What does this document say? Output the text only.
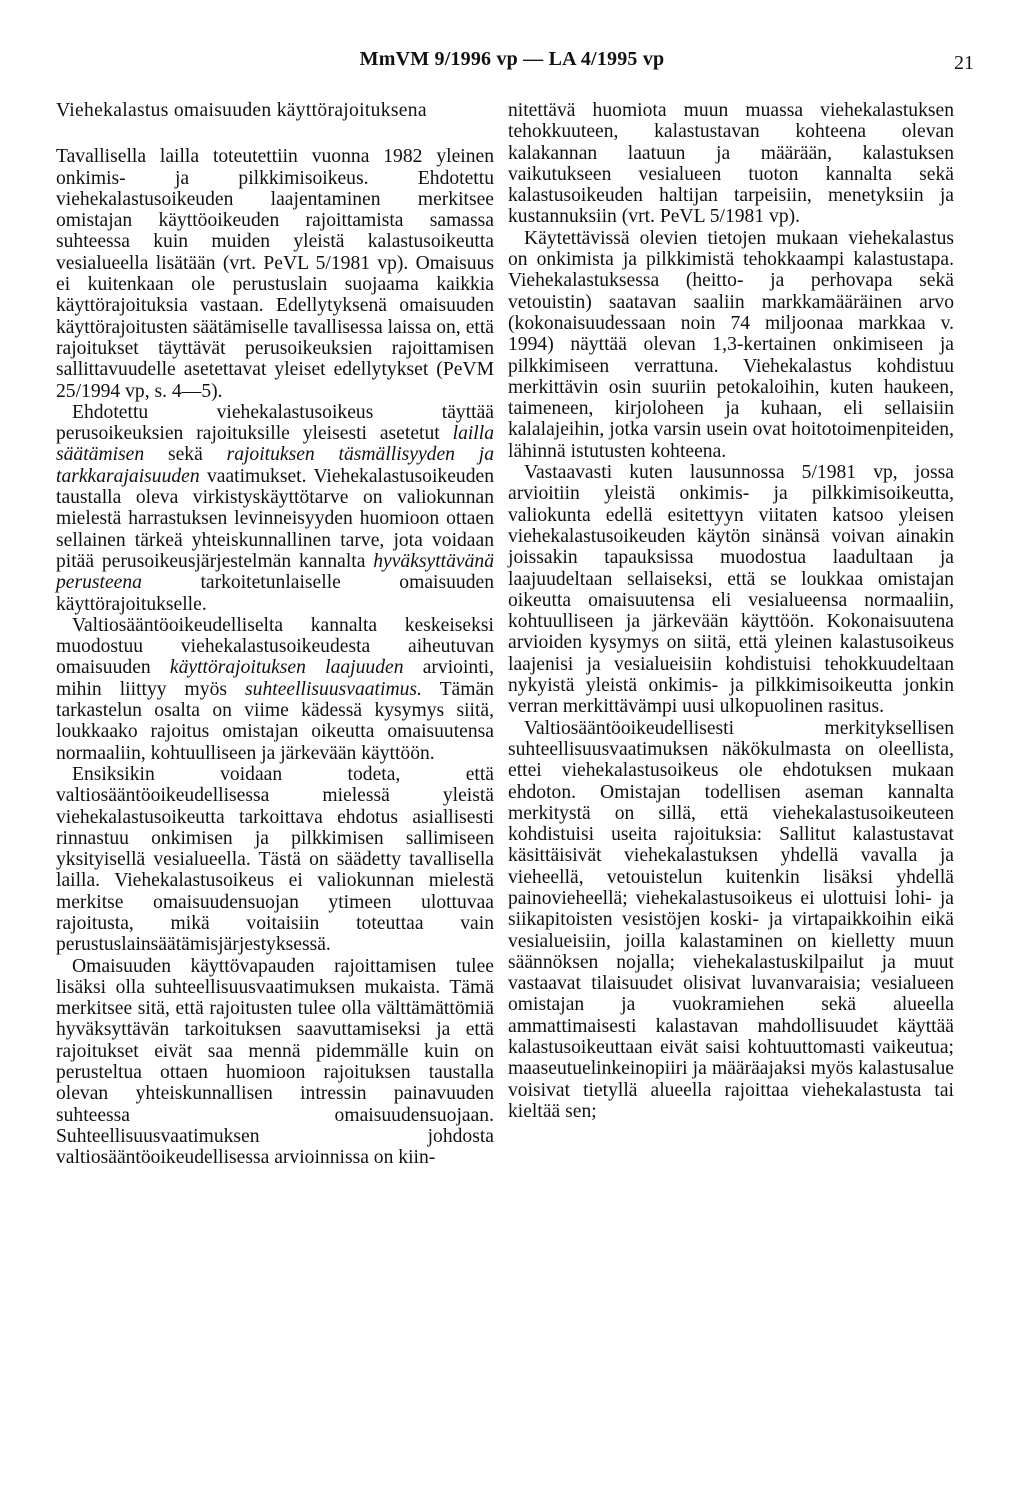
MmVM 9/1996 vp — LA 4/1995 vp	21
Viehekalastus omaisuuden käyttörajoituksena

Tavallisella lailla toteutettiin vuonna 1982 yleinen onkimis- ja pilkkimisoikeus. Ehdotettu viehekalastusoikeuden laajentaminen merkitsee omistajan käyttöoikeuden rajoittamista samassa suhteessa kuin muiden yleistä kalastusoikeutta vesialueella lisätään (vrt. PeVL 5/1981 vp). Omaisuus ei kuitenkaan ole perustuslain suojaama kaikkia käyttörajoituksia vastaan. Edellytyksenä omaisuuden käyttörajoitusten säätämiselle tavallisessa laissa on, että rajoitukset täyttävät perusoikeuksien rajoittamisen sallittavuudelle asetettavat yleiset edellytykset (PeVM 25/1994 vp, s. 4—5).

Ehdotettu viehekalastusoikeus täyttää perusoikeuksien rajoituksille yleisesti asetetut lailla säätämisen sekä rajoituksen täsmällisyyden ja tarkkarajaisuuden vaatimukset. Viehekalastusoikeuden taustalla oleva virkistyskäyttötarve on valiokunnan mielestä harrastuksen levinneisyyden huomioon ottaen sellainen tärkeä yhteiskunnallinen tarve, jota voidaan pitää perusoikeusjärjestelmän kannalta hyväksyttävänä perusteena tarkoitetunlaiselle omaisuuden käyttörajoitukselle.

Valtiosääntöoikeudelliselta kannalta keskeiseksi muodostuu viehekalastusoikeudesta aiheutuvan omaisuuden käyttörajoituksen laajuuden arviointi, mihin liittyy myös suhteellisuusvaatimus. Tämän tarkastelun osalta on viime kädessä kysymys siitä, loukkaako rajoitus omistajan oikeutta omaisuutensa normaaliin, kohtuulliseen ja järkevään käyttöön.

Ensiksikin voidaan todeta, että valtiosääntöoikeudellisessa mielessä yleistä viehekalastusoikeutta tarkoittava ehdotus asiallisesti rinnastuu onkimisen ja pilkkimisen sallimiseen yksityisellä vesialueella. Tästä on säädetty tavallisella lailla. Viehekalastusoikeus ei valiokunnan mielestä merkitse omaisuudensuojan ytimeen ulottuvaa rajoitusta, mikä voitaisiin toteuttaa vain perustuslainsäätämisjärjestyksessä.

Omaisuuden käyttövapauden rajoittamisen tulee lisäksi olla suhteellisuusvaatimuksen mukaista. Tämä merkitsee sitä, että rajoitusten tulee olla välttämättömiä hyväksyttävän tarkoituksen saavuttamiseksi ja että rajoitukset eivät saa mennä pidemmälle kuin on perusteltua ottaen huomioon rajoituksen taustalla olevan yhteiskunnallisen intressin painavuuden suhteessa omaisuudensuojaan. Suhteellisuusvaatimuksen johdosta valtiosääntöoikeudellisessa arvioinnissa on kiin-

nitettävä huomiota muun muassa viehekalastuksen tehokkuuteen, kalastustavan kohteena olevan kalakannan laatuun ja määrään, kalastuksen vaikutukseen vesialueen tuoton kannalta sekä kalastusoikeuden haltijan tarpeisiin, menetyksiin ja kustannuksiin (vrt. PeVL 5/1981 vp).

Käytettävissä olevien tietojen mukaan viehekalastus on onkimista ja pilkkimistä tehokkaampi kalastustapa. Viehekalastuksessa (heitto- ja perhovapa sekä vetouistin) saatavan saaliin markkamääräinen arvo (kokonaisuudessaan noin 74 miljoonaa markkaa v. 1994) näyttää olevan 1,3-kertainen onkimiseen ja pilkkimiseen verrattuna. Viehekalastus kohdistuu merkittävin osin suuriin petokaloihin, kuten haukeen, taimeneen, kirjoloheen ja kuhaan, eli sellaisiin kalalajeihin, jotka varsin usein ovat hoitotoimenpiteiden, lähinnä istutusten kohteena.

Vastaavasti kuten lausunnossa 5/1981 vp, jossa arvioitiin yleistä onkimis- ja pilkkimisoikeutta, valiokunta edellä esitettyyn viitaten katsoo yleisen viehekalastusoikeuden käytön sinänsä voivan ainakin joissakin tapauksissa muodostua laadultaan ja laajuudeltaan sellaiseksi, että se loukkaa omistajan oikeutta omaisuutensa eli vesialueensa normaaliin, kohtuulliseen ja järkevään käyttöön. Kokonaisuutena arvioiden kysymys on siitä, että yleinen kalastusoikeus laajenisi ja vesialueisiin kohdistuisi tehokkuudeltaan nykyistä yleistä onkimis- ja pilkkimisoikeutta jonkin verran merkittävämpi uusi ulkopuolinen rasitus.

Valtiosääntöoikeudellisesti merkityksellisen suhteellisuusvaatimuksen näkökulmasta on oleellista, ettei viehekalastusoikeus ole ehdotuksen mukaan ehdoton. Omistajan todellisen aseman kannalta merkitystä on sillä, että viehekalastusoikeuteen kohdistuisi useita rajoituksia: Sallitut kalastustavat käsittäisivät viehekalastuksen yhdellä vavalla ja vieheellä, vetouistelun kuitenkin lisäksi yhdellä painovieheellä; viehekalastusoikeus ei ulottuisi lohi- ja siikapitoisten vesistöjen koski- ja virtapaikkoihin eikä vesialueisiin, joilla kalastaminen on kielletty muun säännöksen nojalla; viehekalastuskilpailut ja muut vastaavat tilaisuudet olisivat luvanvaraisia; vesialueen omistajan ja vuokramiehen sekä alueella ammattimaisesti kalastavan mahdollisuudet käyttää kalastusoikeuttaan eivät saisi kohtuuttomasti vaikeutua; maaseutuelinkeinopiiri ja määräajaksi myös kalastusalue voisivat tietyllä alueella rajoittaa viehekalastusta tai kieltää sen;
